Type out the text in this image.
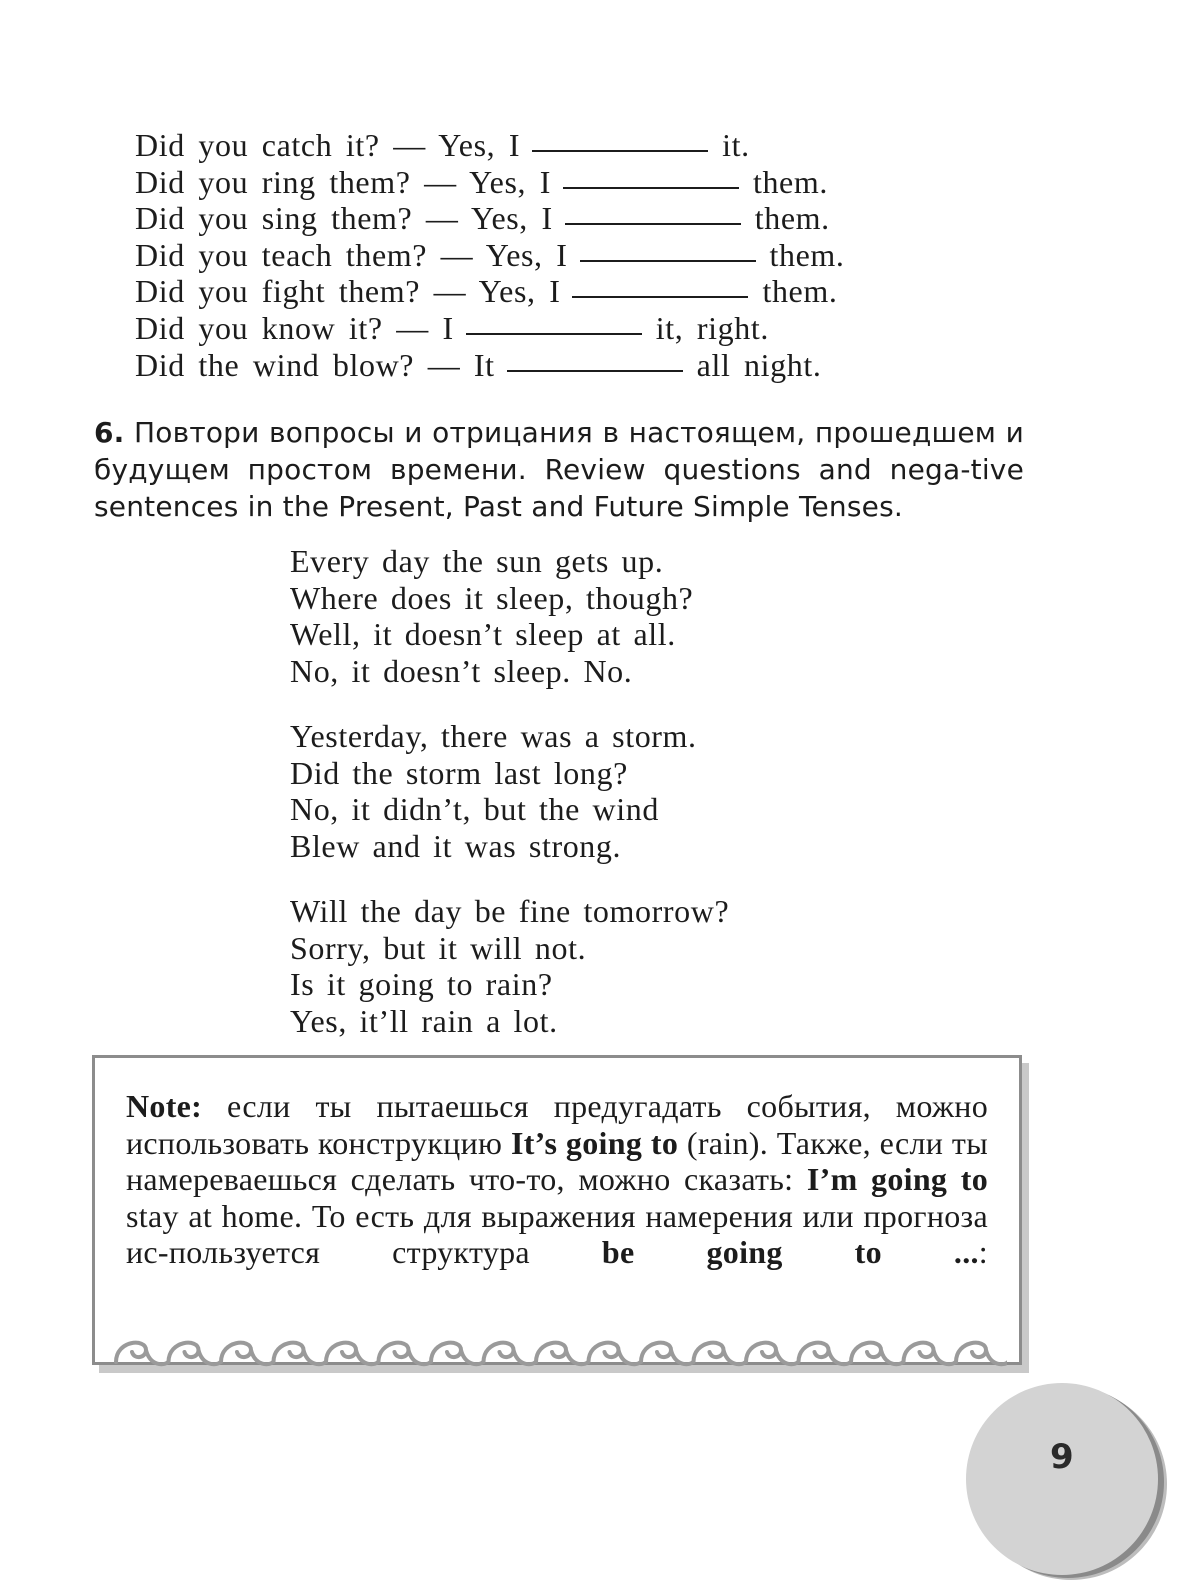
Did you catch it? — Yes, I	it.
Did you ring them? — Yes, I	them.
Did you sing them? — Yes, I	them.
Did you teach them? — Yes, I	them.
Did you fight them? — Yes, I	them.
Did you know it? — I	it, right.
Did the wind blow? — It	all night.
6. Повтори вопросы и отрицания в настоящем, прошедшем и будущем простом времени. Review questions and nega-tive sentences in the Present, Past and Future Simple Tenses.
Every day the sun gets up.
Where does it sleep, though?
Well, it doesn’t sleep at all.
No, it doesn’t sleep. No.
Yesterday, there was a storm.
Did the storm last long?
No, it didn’t, but the wind
Blew and it was strong.
Will the day be fine tomorrow?
Sorry, but it will not.
Is it going to rain?
Yes, it’ll rain a lot.
Note: если ты пытаешься предугадать события, можно использовать конструкцию It’s going to (rain). Также, если ты намереваешься сделать что-то, можно сказать: I’m going to stay at home. То есть для выражения намерения или прогноза ис-пользуется структура be going to ...:
9
